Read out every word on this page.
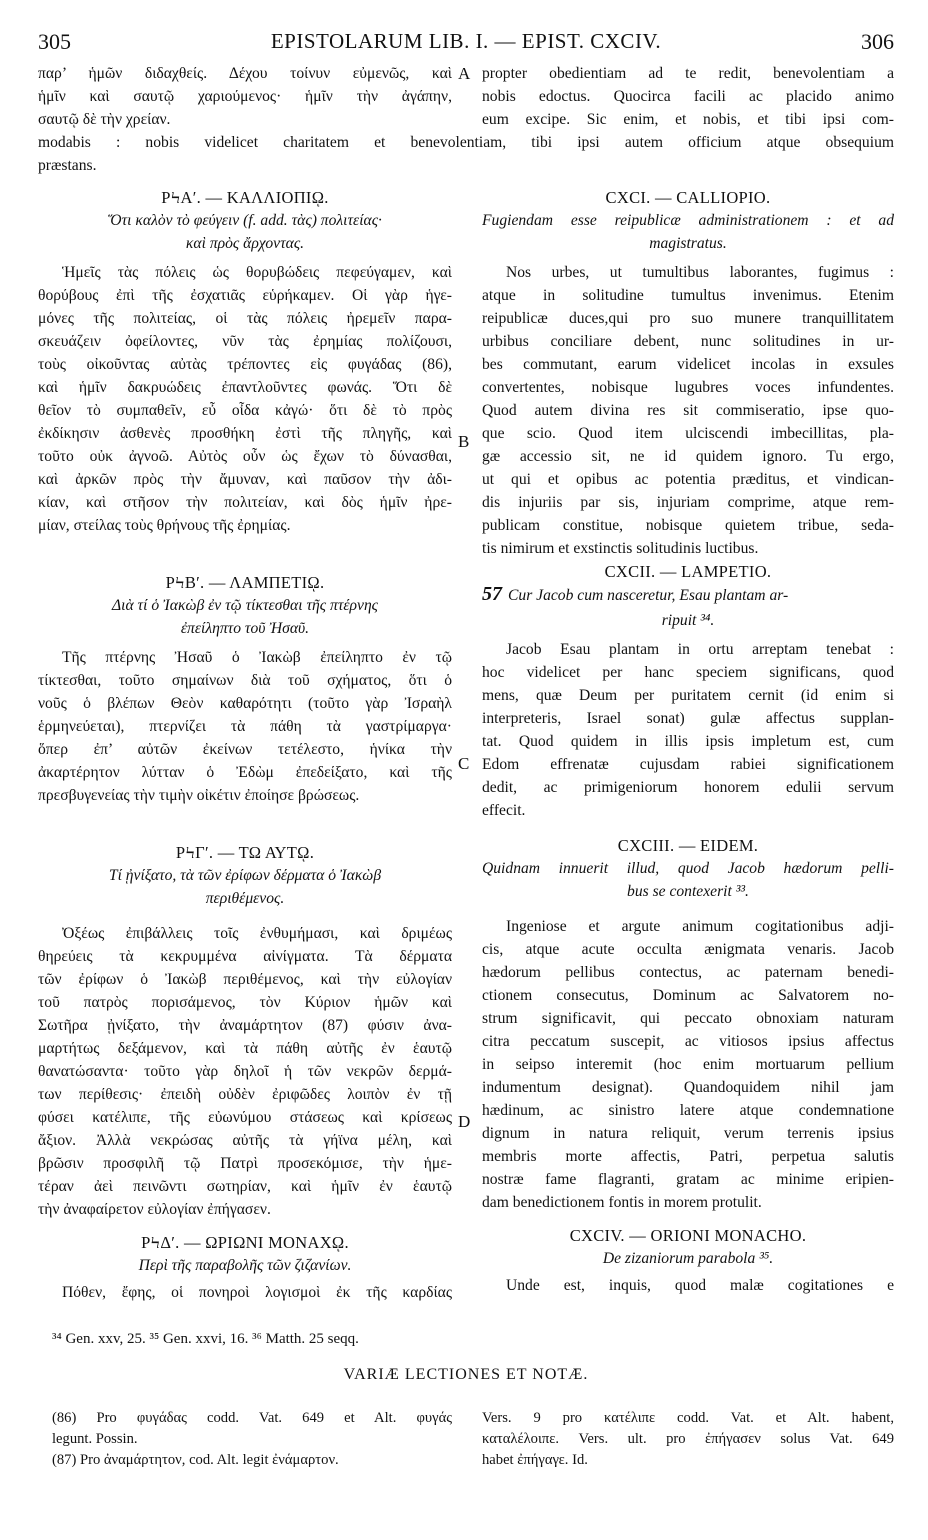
305	EPISTOLARUM LIB. I. — EPIST. CXCIV.	306
A
B
C
D
modabis : nobis videlicet charitatem et benevolentiam, tibi ipsi autem officium atque obsequium
præstans.
παρ’ ἡμῶν διδαχθείς. Δέχου τοίνυν εὐμενῶς, καὶ
ἡμῖν καὶ σαυτῷ χαριούμενος· ἡμῖν τὴν ἀγάπην,
σαυτῷ δὲ τὴν χρείαν.
ΡϞΑʹ. — ΚΑΛΛΙΟΠΙῼ.
Ὅτι καλὸν τὸ φεύγειν (f. add. τὰς) πολιτείας·
καὶ πρὸς ἄρχοντας.
Ἡμεῖς τὰς πόλεις ὡς θορυβώδεις πεφεύγαμεν, καὶ
θορύβους ἐπὶ τῆς ἐσχατιᾶς εὑρήκαμεν. Οἱ γὰρ ἡγε-
μόνες τῆς πολιτείας, οἱ τὰς πόλεις ἠρεμεῖν παρα-
σκευάζειν ὀφείλοντες, νῦν τὰς ἐρημίας πολίζουσι,
τοὺς οἰκοῦντας αὐτὰς τρέποντες εἰς φυγάδας (86),
καὶ ἡμῖν δακρυώδεις ἐπαντλοῦντες φωνάς. Ὅτι δὲ
θεῖον τὸ συμπαθεῖν, εὖ οἶδα κἀγώ· ὅτι δὲ τὸ πρὸς
ἐκδίκησιν ἀσθενὲς προσθήκη ἐστὶ τῆς πληγῆς, καὶ
τοῦτο οὐκ ἀγνοῶ. Αὐτὸς οὖν ὡς ἔχων τὸ δύνασθαι,
καὶ ἀρκῶν πρὸς τὴν ἄμυναν, καὶ παῦσον τὴν ἀδι-
κίαν, καὶ στῆσον τὴν πολιτείαν, καὶ δὸς ἡμῖν ἠρε-
μίαν, στείλας τοὺς θρήνους τῆς ἐρημίας.
ΡϞΒʹ. — ΛΑΜΠΕΤΙῼ.
Διὰ τί ὁ Ἰακὼβ ἐν τῷ τίκτεσθαι τῆς πτέρνης
ἐπείληπτο τοῦ Ἠσαῦ.
Τῆς πτέρνης Ἠσαῦ ὁ Ἰακὼβ ἐπείληπτο ἐν τῷ
τίκτεσθαι, τοῦτο σημαίνων διὰ τοῦ σχήματος, ὅτι ὁ
νοῦς ὁ βλέπων Θεὸν καθαρότητι (τοῦτο γὰρ Ἰσραὴλ
ἑρμηνεύεται), πτερνίζει τὰ πάθη τὰ γαστρίμαργα·
ὅπερ ἐπ’ αὐτῶν ἐκείνων τετέλεστο, ἡνίκα τὴν
ἀκαρτέρητον λύτταν ὁ Ἐδὼμ ἐπεδείξατο, καὶ τῆς
πρεσβυγενείας τὴν τιμὴν οἰκέτιν ἐποίησε βρώσεως.
ΡϞΓʹ. — ΤΩ ΑΥΤῼ.
Τί ᾐνίξατο, τὰ τῶν ἐρίφων δέρματα ὁ Ἰακὼβ
περιθέμενος.
Ὀξέως ἐπιβάλλεις τοῖς ἐνθυμήμασι, καὶ δριμέως
θηρεύεις τὰ κεκρυμμένα αἰνίγματα. Τὰ δέρματα
τῶν ἐρίφων ὁ Ἰακὼβ περιθέμενος, καὶ τὴν εὐλογίαν
τοῦ πατρὸς πορισάμενος, τὸν Κύριον ἡμῶν καὶ
Σωτῆρα ᾐνίξατο, τὴν ἀναμάρτητον (87) φύσιν ἀνα-
μαρτήτως δεξάμενον, καὶ τὰ πάθη αὐτῆς ἐν ἑαυτῷ
θανατώσαντα· τοῦτο γὰρ δηλοῖ ἡ τῶν νεκρῶν δερμά-
των περίθεσις· ἐπειδὴ οὐδὲν ἐριφῶδες λοιπὸν ἐν τῇ
φύσει κατέλιπε, τῆς εὐωνύμου στάσεως καὶ κρίσεως
ἄξιον. Ἀλλὰ νεκρώσας αὐτῆς τὰ γήϊνα μέλη, καὶ
βρῶσιν προσφιλῆ τῷ Πατρὶ προσεκόμισε, τὴν ἡμε-
τέραν ἀεὶ πεινῶντι σωτηρίαν, καὶ ἡμῖν ἐν ἑαυτῷ
τὴν ἀναφαίρετον εὐλογίαν ἐπήγασεν.
ΡϞΔʹ. — ΩΡΙΩΝΙ ΜΟΝΑΧῼ.
Περὶ τῆς παραβολῆς τῶν ζιζανίων.
Πόθεν, ἔφης, οἱ πονηροὶ λογισμοὶ ἐκ τῆς καρδίας
propter obedientiam ad te redit, benevolentiam a
nobis edoctus. Quocirca facili ac placido animo
eum excipe. Sic enim, et nobis, et tibi ipsi com-
CXCI. — CALLIOPIO.
Fugiendam esse reipublicæ administrationem : et ad
magistratus.
Nos urbes, ut tumultibus laborantes, fugimus :
atque in solitudine tumultus invenimus. Etenim
reipublicæ duces,qui pro suo munere tranquillitatem
urbibus conciliare debent, nunc solitudines in ur-
bes commutant, earum videlicet incolas in exsules
convertentes, nobisque lugubres voces infundentes.
Quod autem divina res sit commiseratio, ipse quo-
que scio. Quod item ulciscendi imbecillitas, pla-
gæ accessio sit, ne id quidem ignoro. Tu ergo,
ut qui et opibus ac potentia præditus, et vindican-
dis injuriis par sis, injuriam comprime, atque rem-
publicam constitue, nobisque quietem tribue, seda-
tis nimirum et exstinctis solitudinis luctibus.
CXCII. — LAMPETIO.
57 Cur Jacob cum nasceretur, Esau plantam ar-
ripuit ³⁴.
Jacob Esau plantam in ortu arreptam tenebat :
hoc videlicet per hanc speciem significans, quod
mens, quæ Deum per puritatem cernit (id enim si
interpreteris, Israel sonat) gulæ affectus supplan-
tat. Quod quidem in illis ipsis impletum est, cum
Edom effrenatæ cujusdam rabiei significationem
dedit, ac primigeniorum honorem edulii servum
effecit.
CXCIII. — EIDEM.
Quidnam innuerit illud, quod Jacob hædorum pelli-
bus se contexerit ³³.
Ingeniose et argute animum cogitationibus adji-
cis, atque acute occulta ænigmata venaris. Jacob
hædorum pellibus contectus, ac paternam benedi-
ctionem consecutus, Dominum ac Salvatorem no-
strum significavit, qui peccato obnoxiam naturam
citra peccatum suscepit, ac vitiosos ipsius affectus
in seipso interemit (hoc enim mortuarum pellium
indumentum designat). Quandoquidem nihil jam
hædinum, ac sinistro latere atque condemnatione
dignum in natura reliquit, verum terrenis ipsius
membris morte affectis, Patri, perpetua salutis
nostræ fame flagranti, gratam ac minime eripien-
dam benedictionem fontis in morem protulit.
CXCIV. — ORIONI MONACHO.
De zizaniorum parabola ³⁵.
Unde est, inquis, quod malæ cogitationes e
³⁴ Gen. xxv, 25. ³⁵ Gen. xxvi, 16. ³⁶ Matth. 25 seqq.
VARIÆ LECTIONES ET NOTÆ.
(86) Pro φυγάδας codd. Vat. 649 et Alt. φυγάς
legunt. Possin.
(87) Pro ἀναμάρτητον, cod. Alt. legit ἐνάμαρτον.
Vers. 9 pro κατέλιπε codd. Vat. et Alt. habent,
καταλέλοιπε. Vers. ult. pro ἐπήγασεν solus Vat. 649
habet ἐπήγαγε. Id.
